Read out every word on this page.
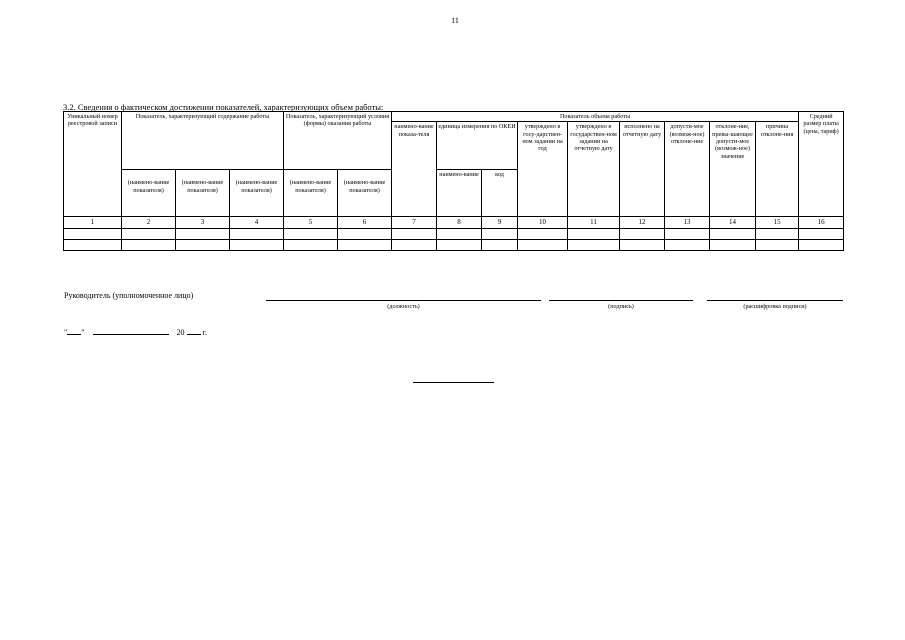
11
3.2. Сведения о фактическом достижении показателей, характеризующих объем работы:
Уникальный номер реестровой записи	Показатель, характеризующий содержание работы			Показатель, характеризующий условия (формы) оказания работы		Показатель объема работы									Средний размер платы (цена, тариф)
						наимено-вание показа-теля	единица измерения по ОКЕИ		утверждено в госу-дарствен-ном задании на год	утверждено в государствен-ном задании на отчетную дату	исполнено на отчетную дату	допусти-мое (возмож-ное) отклоне-ние	отклоне-ние, превы-шающее допусти-мое (возмож-ное) значение	причина отклоне-ния	
	(наимено-вание показателя)	(наимено-вание показателя)	(наимено-вание показателя)	(наимено-вание показателя)	(наимено-вание показателя)		наимено-вание	код							
1	2	3	4	5	6	7	8	9	10	11	12	13	14	15	16

Руководитель (уполномоченное лицо)
(должность)	(подпись)	(расшифровка подписи)
" "	20 г.
